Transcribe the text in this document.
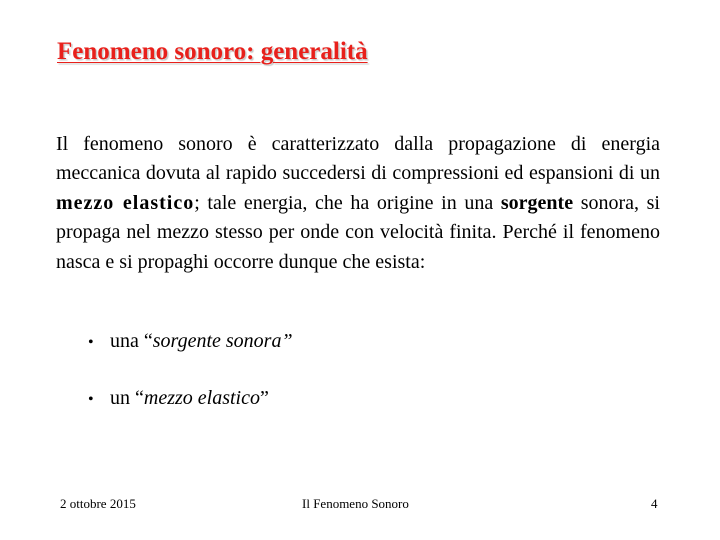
Fenomeno sonoro: generalità

Il fenomeno sonoro è caratterizzato dalla propagazione di energia meccanica dovuta al rapido succedersi di compressioni ed espansioni di un mezzo elastico; tale energia, che ha origine in una sorgente sonora, si propaga nel mezzo stesso per onde con velocità finita. Perché il fenomeno nasca e si propaghi occorre dunque che esista:

• una “sorgente sonora”
• un “mezzo elastico”
2 ottobre 2015	Il Fenomeno Sonoro	4
